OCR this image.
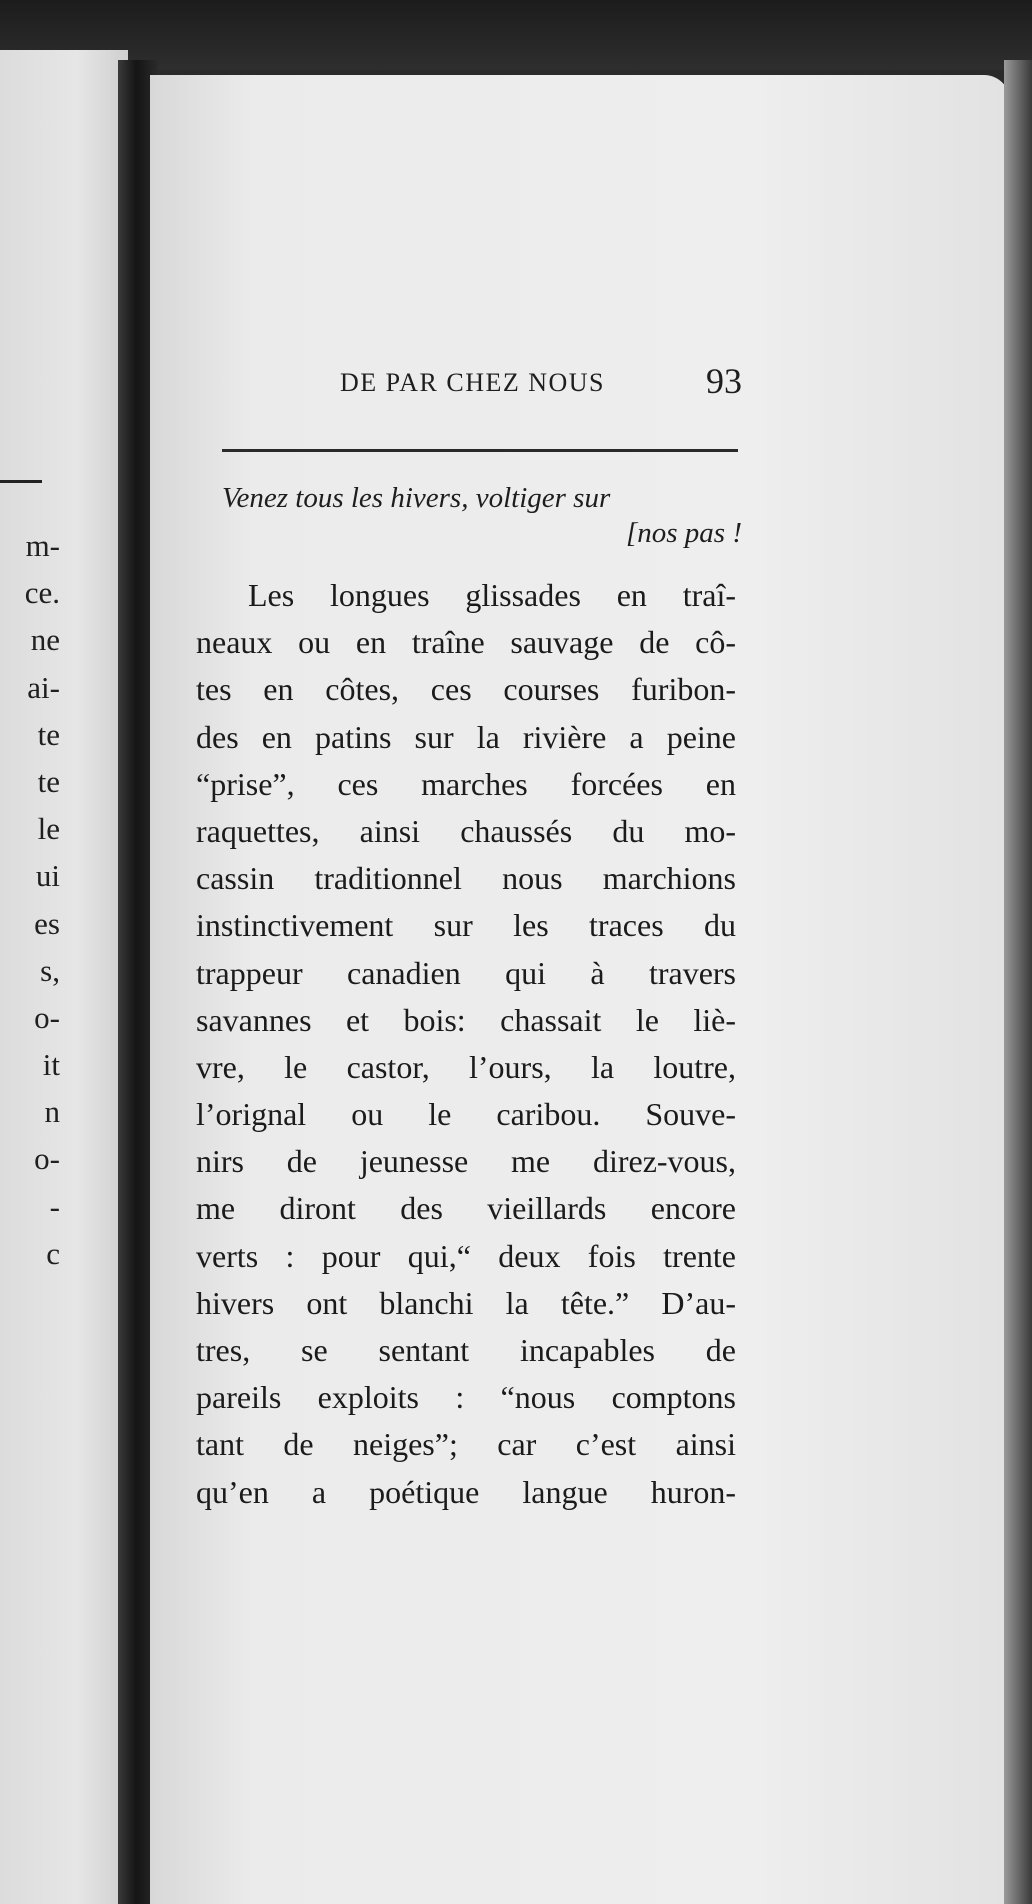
m-
ce.
ne
ai-
te
te
le
ui
es
s,
o-
it
n
o-
-
c
DE PAR CHEZ NOUS	93
Venez tous les hivers, voltiger sur
[nos pas !
Les longues glissades en traî-
neaux ou en traîne sauvage de cô-
tes en côtes, ces courses furibon-
des en patins sur la rivière a peine
“prise”, ces marches forcées en
raquettes, ainsi chaussés du mo-
cassin traditionnel nous marchions
instinctivement sur les traces du
trappeur canadien qui à travers
savannes et bois: chassait le liè-
vre, le castor, l’ours, la loutre,
l’orignal ou le caribou. Souve-
nirs de jeunesse me direz-vous,
me diront des vieillards encore
verts : pour qui,“ deux fois trente
hivers ont blanchi la tête.” D’au-
tres, se sentant incapables de
pareils exploits : “nous comptons
tant de neiges”; car c’est ainsi
qu’en a poétique langue huron-
